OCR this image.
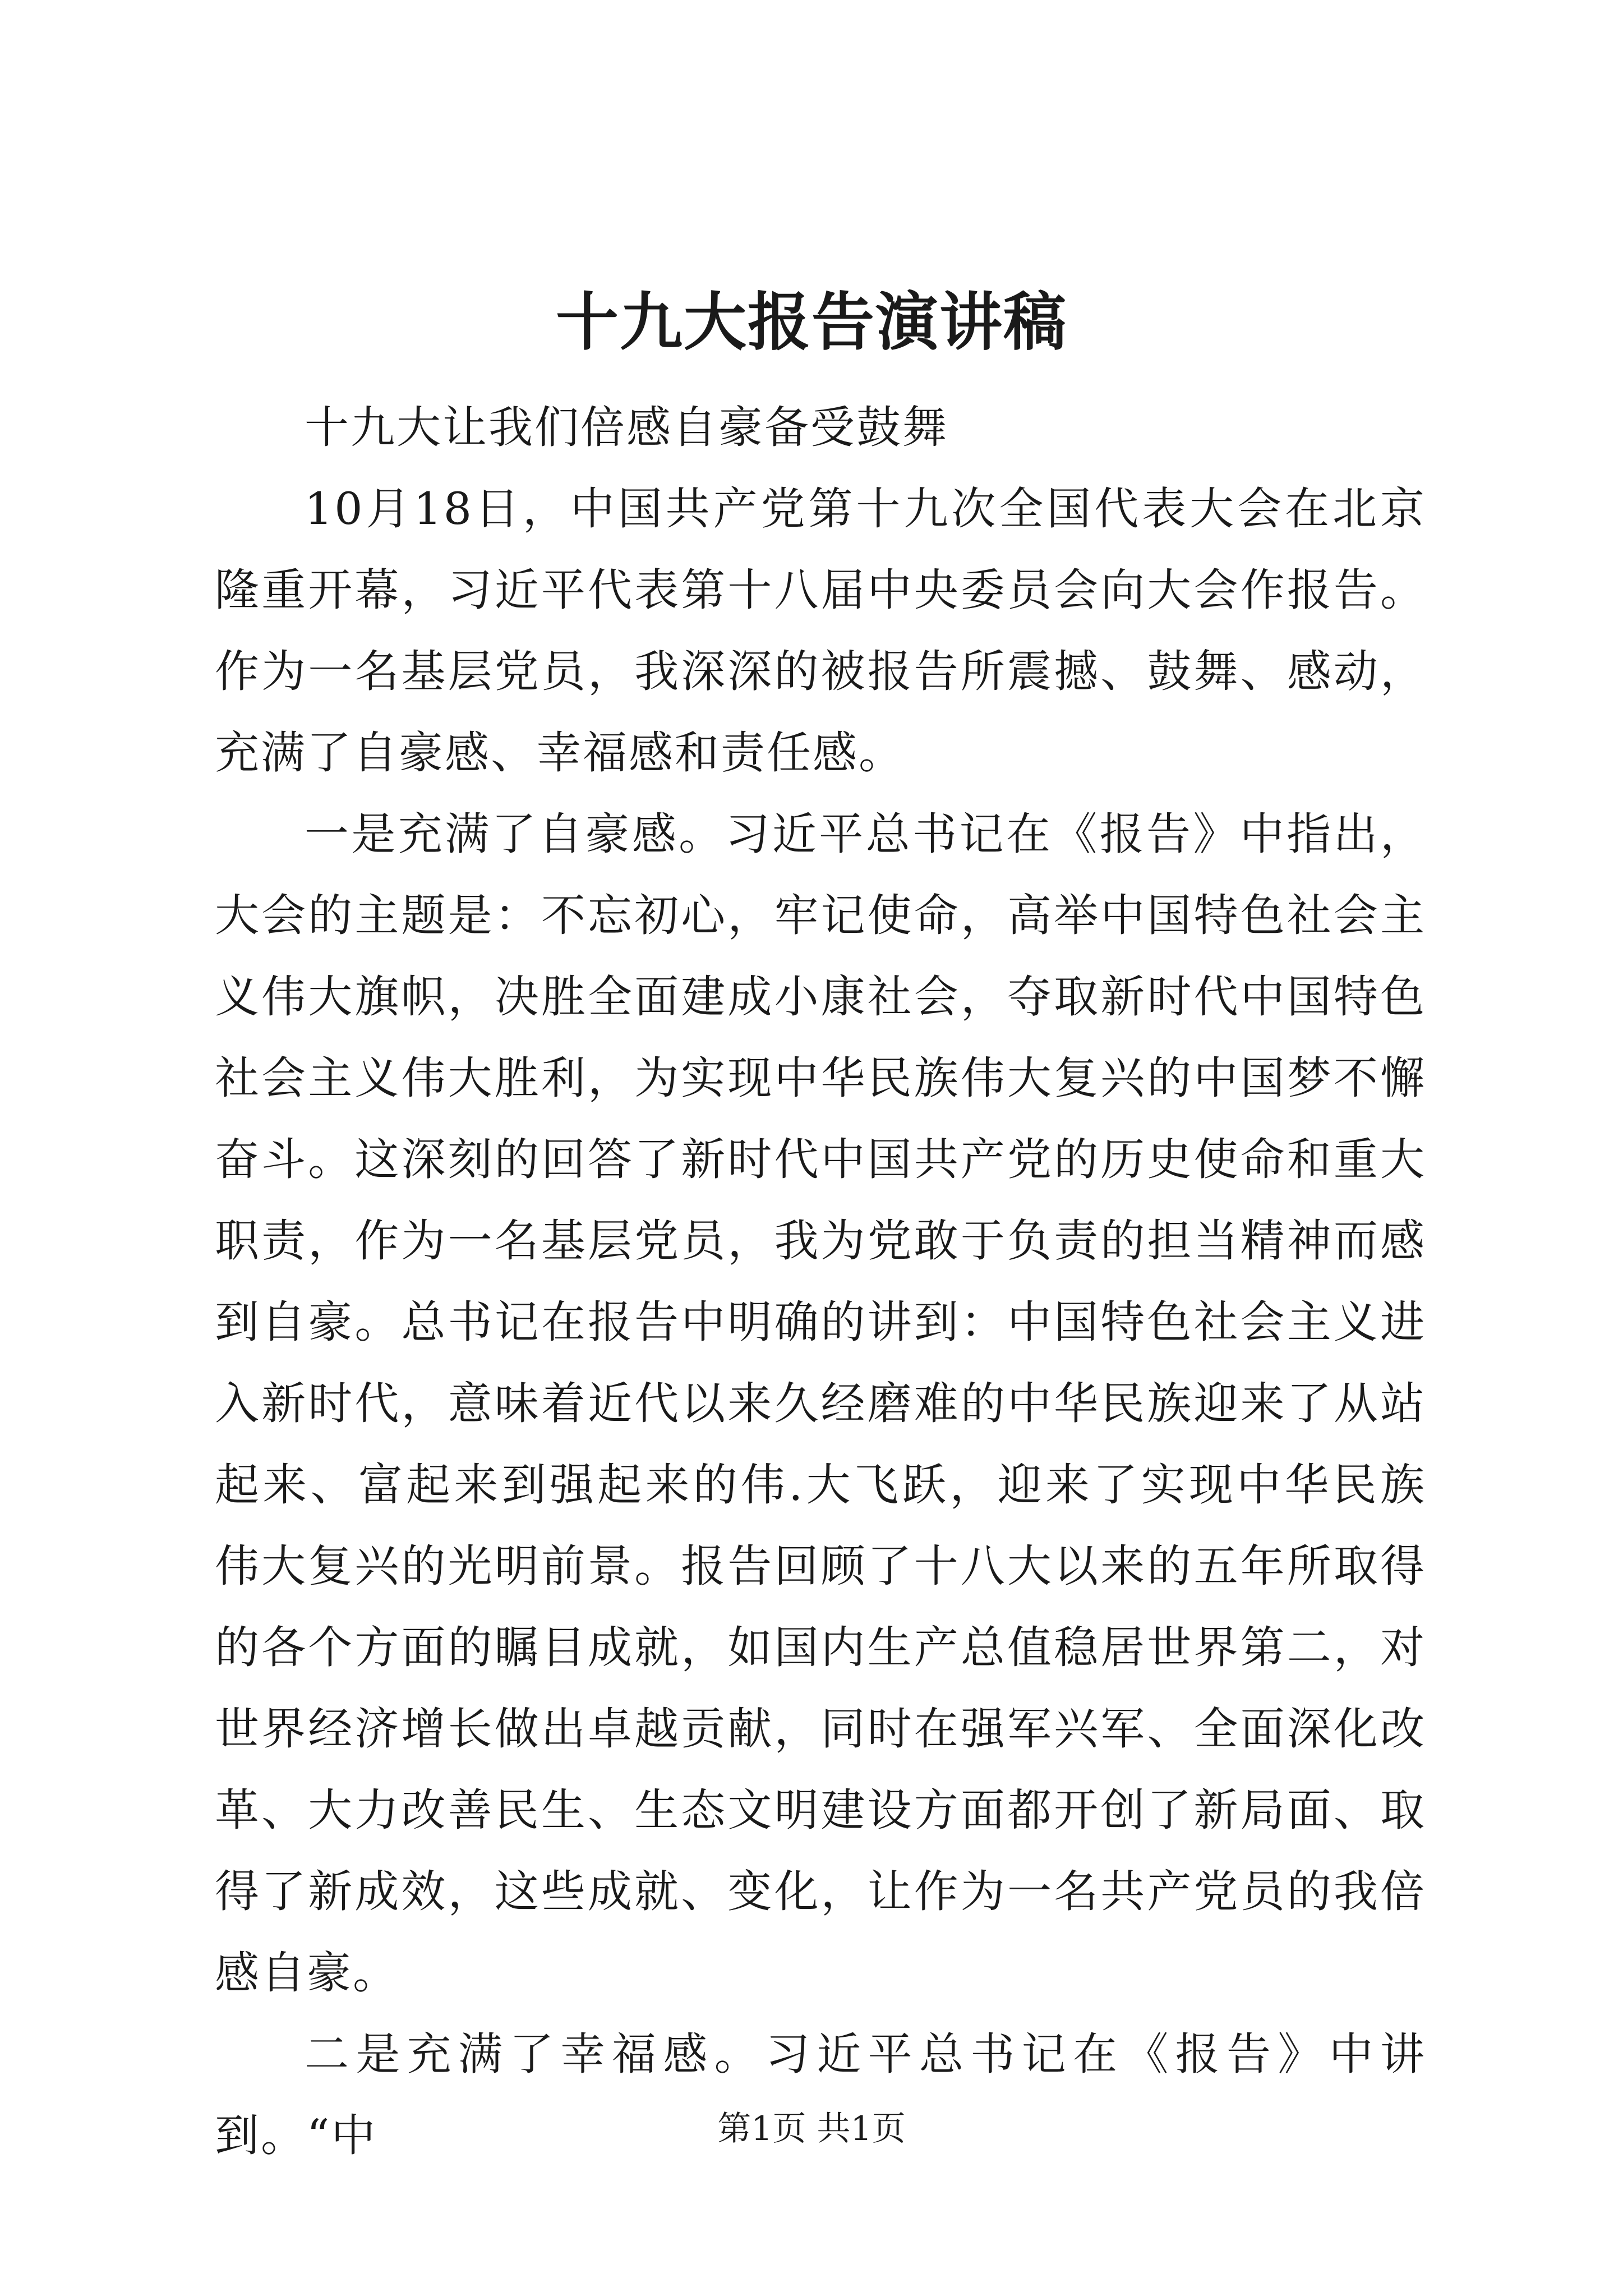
十九大报告演讲稿

十九大让我们倍感自豪备受鼓舞

10月18日，中国共产党第十九次全国代表大会在北京隆重开幕，习近平代表第十八届中央委员会向大会作报告。作为一名基层党员，我深深的被报告所震撼、鼓舞、感动，充满了自豪感、幸福感和责任感。

一是充满了自豪感。习近平总书记在《报告》中指出，大会的主题是：不忘初心，牢记使命，高举中国特色社会主义伟大旗帜，决胜全面建成小康社会，夺取新时代中国特色社会主义伟大胜利，为实现中华民族伟大复兴的中国梦不懈奋斗。这深刻的回答了新时代中国共产党的历史使命和重大职责，作为一名基层党员，我为党敢于负责的担当精神而感到自豪。总书记在报告中明确的讲到：中国特色社会主义进入新时代，意味着近代以来久经磨难的中华民族迎来了从站起来、富起来到强起来的伟.大飞跃，迎来了实现中华民族伟大复兴的光明前景。报告回顾了十八大以来的五年所取得的各个方面的瞩目成就，如国内生产总值稳居世界第二，对世界经济增长做出卓越贡献，同时在强军兴军、全面深化改革、大力改善民生、生态文明建设方面都开创了新局面、取得了新成效，这些成就、变化，让作为一名共产党员的我倍感自豪。

二是充满了幸福感。习近平总书记在《报告》中讲到。“中	第1页 共1页
